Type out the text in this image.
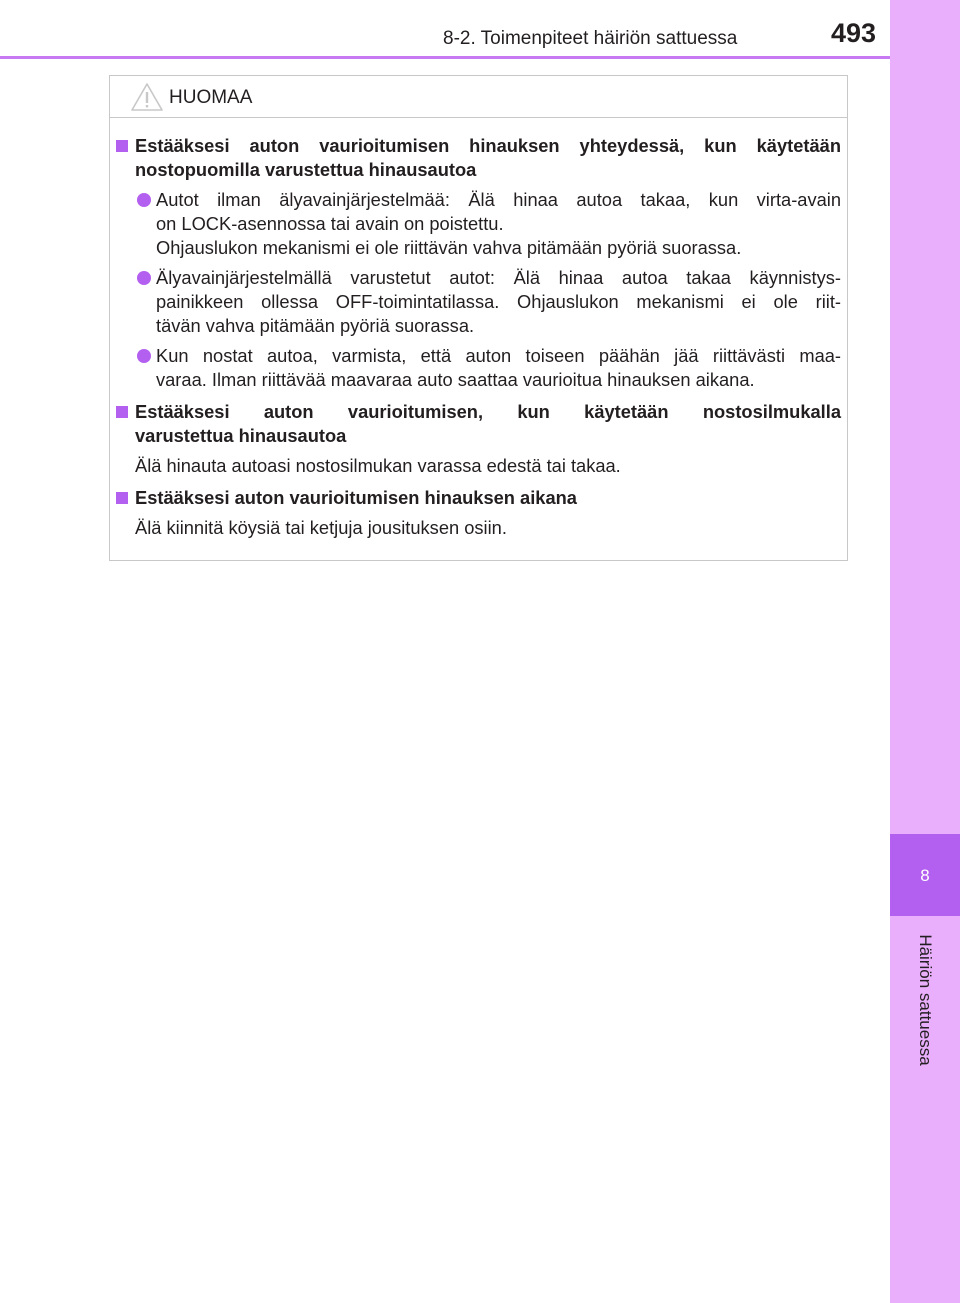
8
Häiriön sattuessa
8-2. Toimenpiteet häiriön sattuessa	493
HUOMAA

Estääksesi auton vaurioitumisen hinauksen yhteydessä, kun käytetään

nostopuomilla varustettua hinausautoa

Autot ilman älyavainjärjestelmää: Älä hinaa autoa takaa, kun virta-avain

on LOCK-asennossa tai avain on poistettu.

Ohjauslukon mekanismi ei ole riittävän vahva pitämään pyöriä suorassa.

Älyavainjärjestelmällä varustetut autot: Älä hinaa autoa takaa käynnistys-

painikkeen ollessa OFF-toimintatilassa. Ohjauslukon mekanismi ei ole riit-

tävän vahva pitämään pyöriä suorassa.

Kun nostat autoa, varmista, että auton toiseen päähän jää riittävästi maa-

varaa. Ilman riittävää maavaraa auto saattaa vaurioitua hinauksen aikana.

Estääksesi auton vaurioitumisen, kun käytetään nostosilmukalla

varustettua hinausautoa

Älä hinauta autoasi nostosilmukan varassa edestä tai takaa.

Estääksesi auton vaurioitumisen hinauksen aikana

Älä kiinnitä köysiä tai ketjuja jousituksen osiin.
